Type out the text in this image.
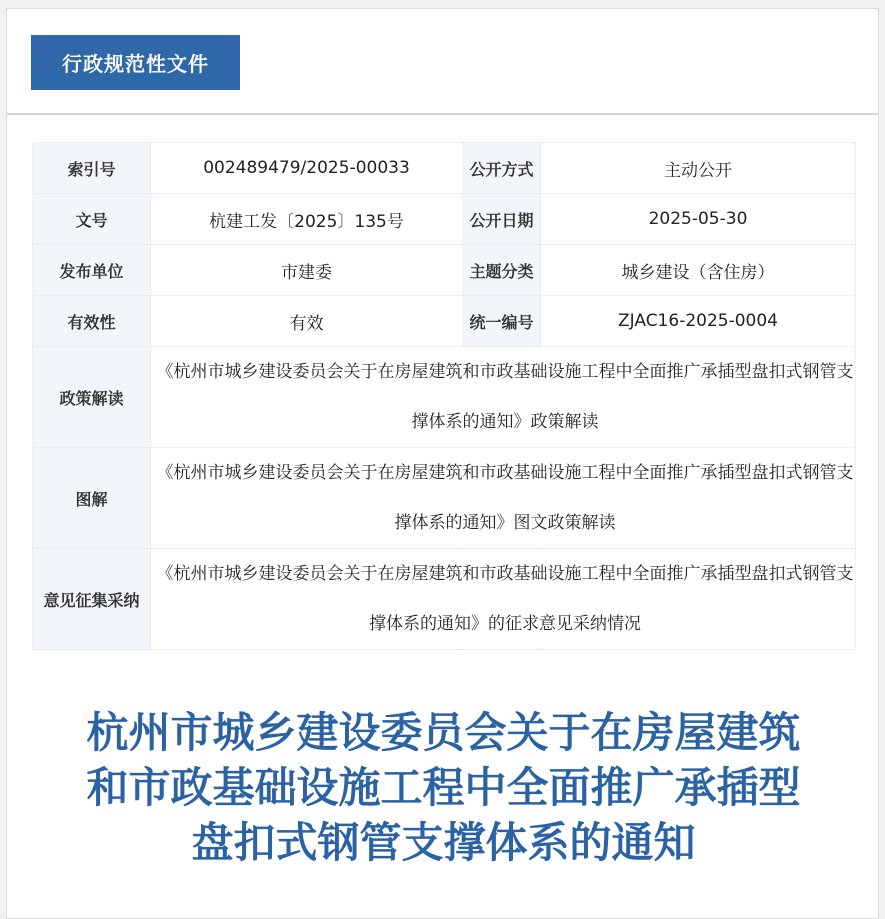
行政规范性文件
索引号	002489479/2025-00033	公开方式	主动公开
文号	杭建工发〔2025〕135号	公开日期	2025-05-30
发布单位	市建委	主题分类	城乡建设（含住房）
有效性	有效	统一编号	ZJAC16-2025-0004
政策解读	《杭州市城乡建设委员会关于在房屋建筑和市政基础设施工程中全面推广承插型盘扣式钢管支撑体系的通知》政策解读		
图解	《杭州市城乡建设委员会关于在房屋建筑和市政基础设施工程中全面推广承插型盘扣式钢管支撑体系的通知》图文政策解读		
意见征集采纳	《杭州市城乡建设委员会关于在房屋建筑和市政基础设施工程中全面推广承插型盘扣式钢管支撑体系的通知》的征求意见采纳情况		
杭州市城乡建设委员会关于在房屋建筑和市政基础设施工程中全面推广承插型盘扣式钢管支撑体系的通知
